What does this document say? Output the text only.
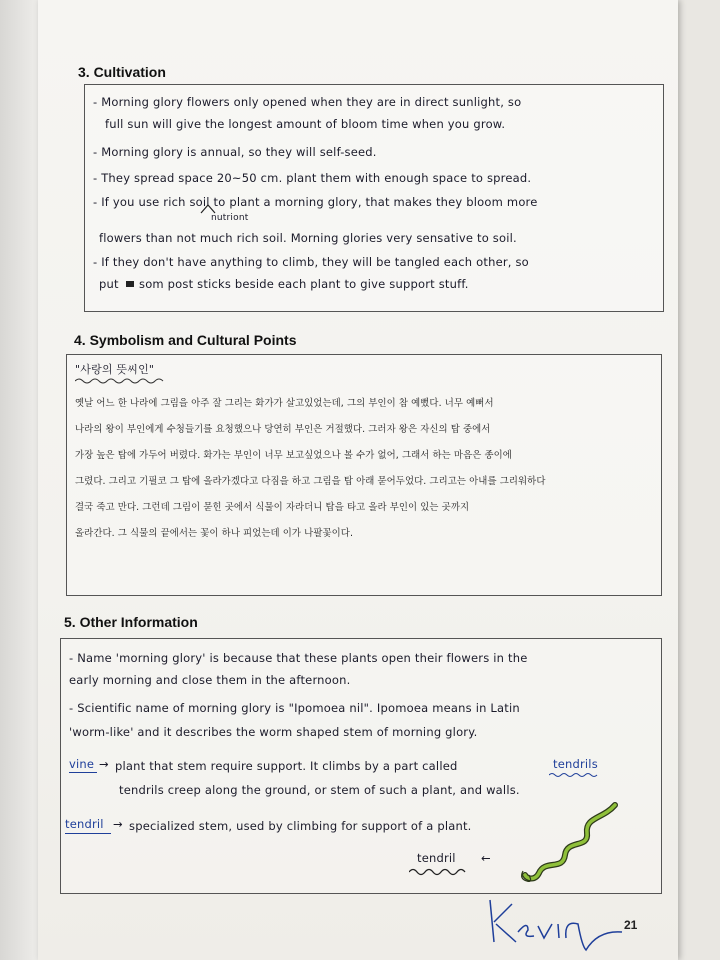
3. Cultivation
- Morning glory flowers only opened when they are in direct sunlight, so
full sun will give the longest amount of bloom time when you grow.
- Morning glory is annual, so they will self-seed.
- They spread space 20~50 cm. plant them with enough space to spread.
- If you use rich soil to plant a morning glory, that makes they bloom more
nutriont
flowers than not much rich soil. Morning glories very sensative to soil.
- If they don't have anything to climb, they will be tangled each other, so
put som post sticks beside each plant to give support stuff.
4. Symbolism and Cultural Points
"사랑의 뜻씨인"
옛날 어느 한 나라에 그림을 아주 잘 그리는 화가가 살고있었는데, 그의 부인이 참 예뻤다. 너무 예뻐서
나라의 왕이 부인에게 수청들기를 요청했으나 당연히 부인은 거절했다. 그러자 왕은 자신의 탑 중에서
가장 높은 탑에 가두어 버렸다. 화가는 부인이 너무 보고싶었으나 볼 수가 없어, 그래서 하는 마음은 종이에
그렸다. 그리고 기필코 그 탑에 올라가겠다고 다짐을 하고 그림을 탑 아래 묻어두었다. 그리고는 아내를 그리워하다
결국 죽고 만다. 그런데 그림이 묻힌 곳에서 식물이 자라더니 탑을 타고 올라 부인이 있는 곳까지
올라간다. 그 식물의 끝에서는 꽃이 하나 피었는데 이가 나팔꽃이다.
5. Other Information
- Name 'morning glory' is because that these plants open their flowers in the
early morning and close them in the afternoon.
- Scientific name of morning glory is "Ipomoea nil". Ipomoea means in Latin
'worm-like' and it describes the worm shaped stem of morning glory.
vine → plant that stem require support. It climbs by a part called	tendrils
tendrils creep along the ground, or stem of such a plant, and walls.
tendril → specialized stem, used by climbing for support of a plant.
tendril ←
21
